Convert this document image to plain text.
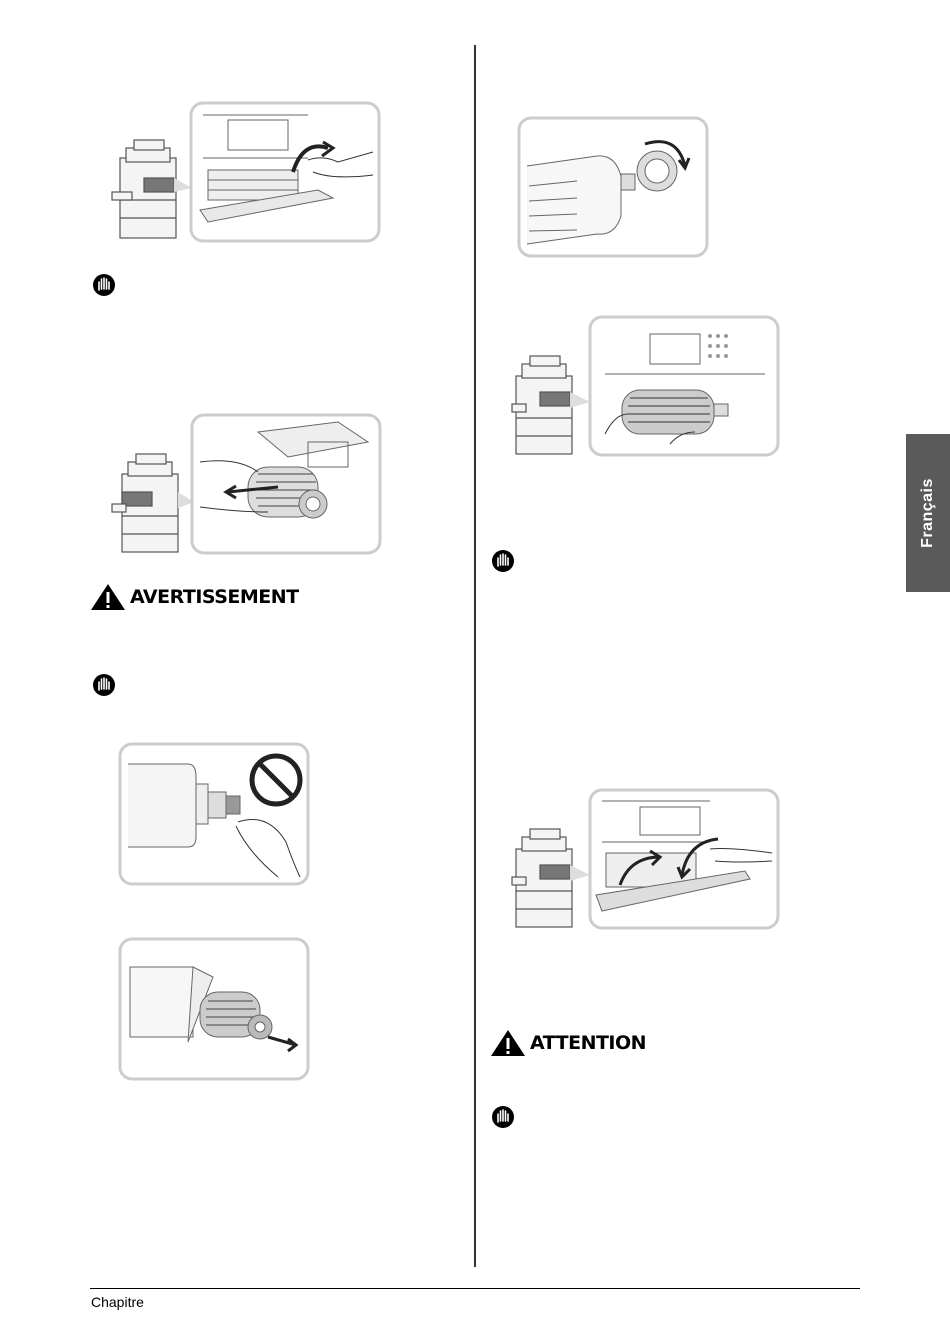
Français
AVERTISSEMENT
ATTENTION
Chapitre
